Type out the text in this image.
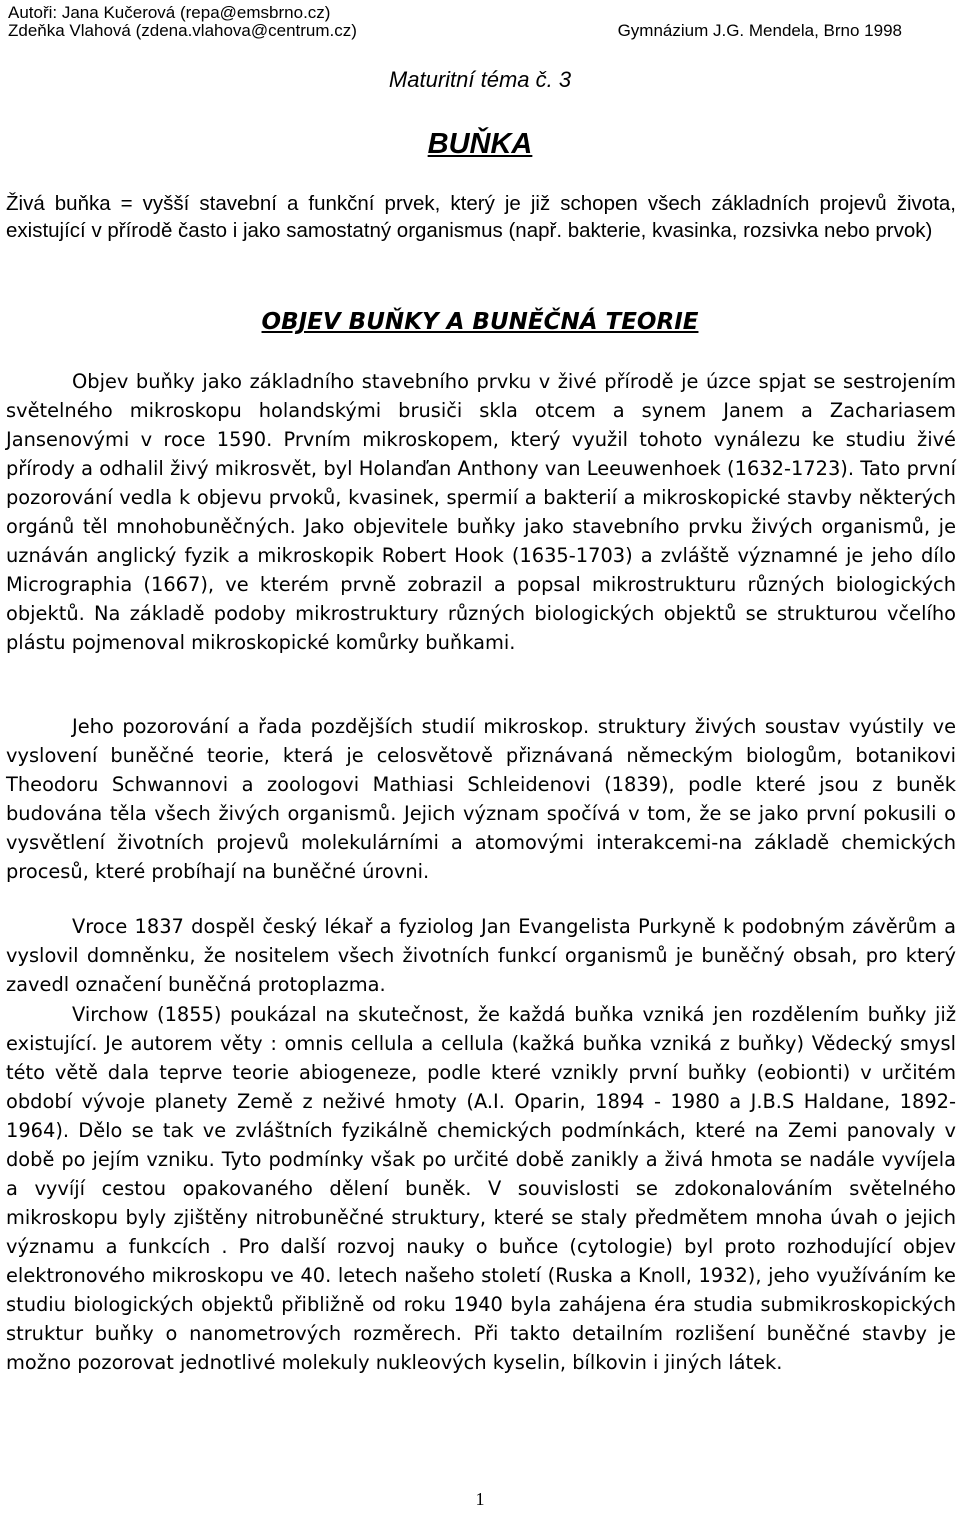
Autoři: Jana Kučerová (repa@emsbrno.cz)
Zdeňka Vlahová (zdena.vlahova@centrum.cz)	Gymnázium J.G. Mendela, Brno 1998
Maturitní téma č. 3
BUŇKA
Živá buňka = vyšší stavební a funkční prvek, který je již schopen všech základních projevů života, existující v přírodě často i jako samostatný organismus (např. bakterie, kvasinka, rozsivka nebo prvok)
OBJEV BUŇKY A BUNĚČNÁ TEORIE

Objev buňky jako základního stavebního prvku v živé přírodě je úzce spjat se sestrojením světelného mikroskopu holandskými brusiči skla otcem a synem Janem a Zachariasem Jansenovými v roce 1590. Prvním mikroskopem, který využil tohoto vynálezu ke studiu živé přírody a odhalil živý mikrosvět, byl Holanďan Anthony van Leeuwenhoek (1632-1723). Tato první pozorování vedla k objevu prvoků, kvasinek, spermií a bakterií a mikroskopické stavby některých orgánů těl mnohobuněčných. Jako objevitele buňky jako stavebního prvku živých organismů, je uznáván anglický fyzik a mikroskopik Robert Hook (1635-1703) a zvláště významné je jeho dílo Micrographia (1667), ve kterém prvně zobrazil a popsal mikrostrukturu různých biologických objektů. Na základě podoby mikrostruktury různých biologických objektů se strukturou včelího plástu pojmenoval mikroskopické komůrky buňkami.

Jeho pozorování a řada pozdějších studií mikroskop. struktury živých soustav vyústily ve vyslovení buněčné teorie, která je celosvětově přiznávaná německým biologům, botanikovi Theodoru Schwannovi a zoologovi Mathiasi Schleidenovi (1839), podle které jsou z buněk budována těla všech živých organismů. Jejich význam spočívá v tom, že se jako první pokusili o vysvětlení životních projevů molekulárními a atomovými interakcemi-na základě chemických procesů, které probíhají na buněčné úrovni.

Vroce 1837 dospěl český lékař a fyziolog Jan Evangelista Purkyně k podobným závěrům a vyslovil domněnku, že nositelem všech životních funkcí organismů je buněčný obsah, pro který zavedl označení buněčná protoplazma.

Virchow (1855) poukázal na skutečnost, že každá buňka vzniká jen rozdělením buňky již existující. Je autorem věty : omnis cellula a cellula (kažká buňka vzniká z buňky) Vědecký smysl této větě dala teprve teorie abiogeneze, podle které vznikly první buňky (eobionti) v určitém období vývoje planety Země z neživé hmoty (A.I. Oparin, 1894 - 1980 a J.B.S Haldane, 1892-1964). Dělo se tak ve zvláštních fyzikálně chemických podmínkách, které na Zemi panovaly v době po jejím vzniku. Tyto podmínky však po určité době zanikly a živá hmota se nadále vyvíjela a vyvíjí cestou opakovaného dělení buněk. V souvislosti se zdokonalováním světelného mikroskopu byly zjištěny nitrobuněčné struktury, které se staly předmětem mnoha úvah o jejich významu a funkcích . Pro další rozvoj nauky o buňce (cytologie) byl proto rozhodující objev elektronového mikroskopu ve 40. letech našeho století (Ruska a Knoll, 1932), jeho využíváním ke studiu biologických objektů přibližně od roku 1940 byla zahájena éra studia submikroskopických struktur buňky o nanometrových rozměrech. Při takto detailním rozlišení buněčné stavby je možno pozorovat jednotlivé molekuly nukleových kyselin, bílkovin i jiných látek.

1
